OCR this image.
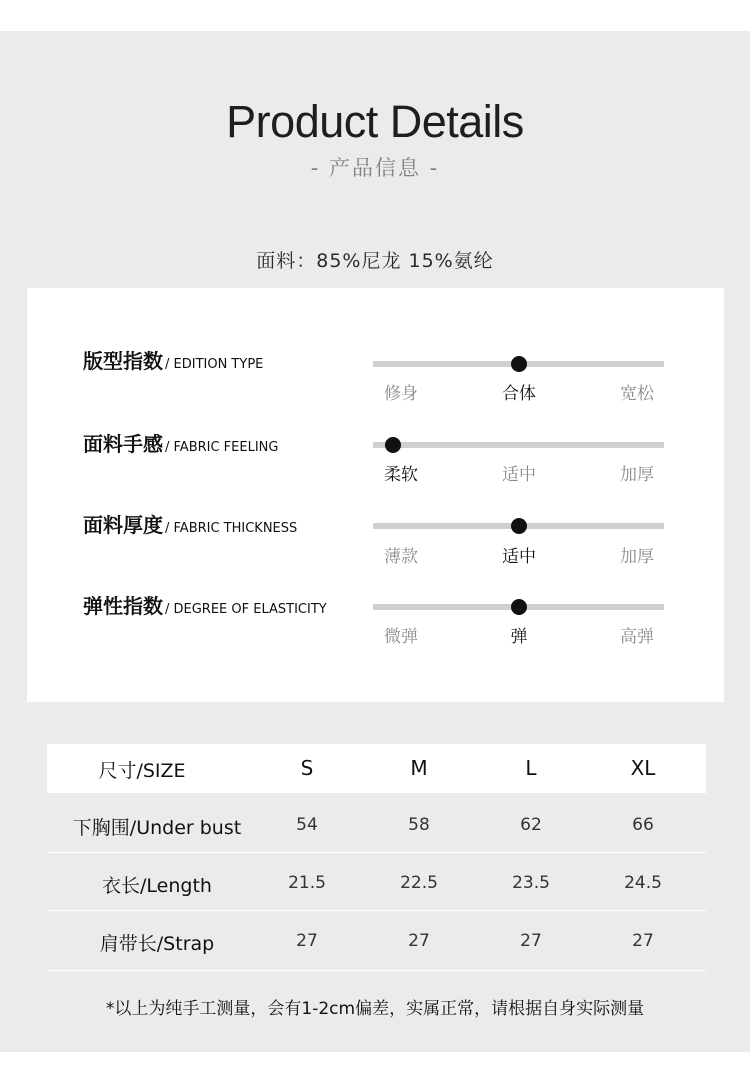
Product Details
- 产品信息 -
面料：85%尼龙 15%氨纶
版型指数 / EDITION TYPE
修身	合体	宽松
面料手感 / FABRIC FEELING
柔软	适中	加厚
面料厚度 / FABRIC THICKNESS
薄款	适中	加厚
弹性指数 / DEGREE OF ELASTICITY
微弹	弹	高弹
尺寸/SIZE	S	M	L	XL
下胸围/Under bust	54	58	62	66
衣长/Length	21.5	22.5	23.5	24.5
肩带长/Strap	27	27	27	27
*以上为纯手工测量，会有1-2cm偏差，实属正常，请根据自身实际测量
